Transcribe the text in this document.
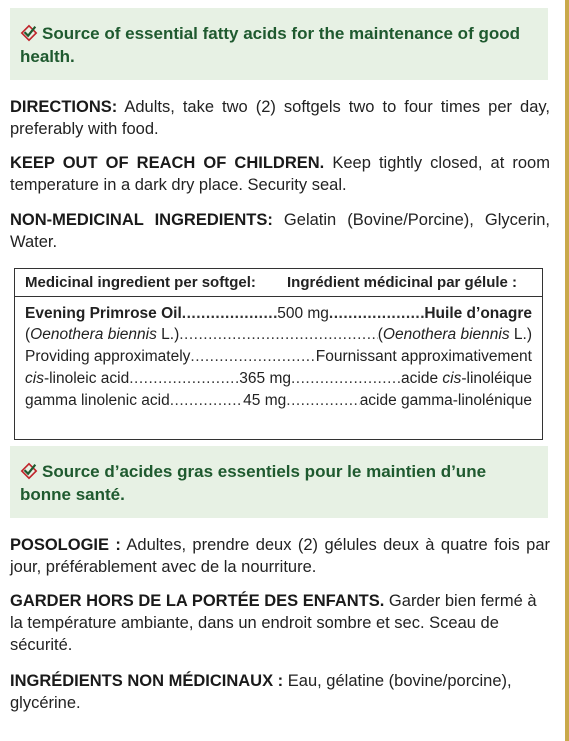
Source of essential fatty acids for the maintenance of good health.
DIRECTIONS: Adults, take two (2) softgels two to four times per day, preferably with food.
KEEP OUT OF REACH OF CHILDREN. Keep tightly closed, at room temperature in a dark dry place. Security seal.
NON-MEDICINAL INGREDIENTS: Gelatin (Bovine/Porcine), Glycerin, Water.
Medicinal ingredient per softgel: Ingrédient médicinal par gélule :
Evening Primrose Oil .....	500 mg .....	Huile d’onagre
(Oenothera biennis L.) .....	(Oenothera biennis L.)
Providing approximately .....	Fournissant approximativement
cis-linoleic acid .....	365 mg .....	acide cis-linoléique
gamma linolenic acid .....	45 mg .....	acide gamma-linolénique
Source d’acides gras essentiels pour le maintien d’une bonne santé.
POSOLOGIE : Adultes, prendre deux (2) gélules deux à quatre fois par jour, préférablement avec de la nourriture.
GARDER HORS DE LA PORTÉE DES ENFANTS. Garder bien fermé à la température ambiante, dans un endroit sombre et sec. Sceau de sécurité.
INGRÉDIENTS NON MÉDICINAUX : Eau, gélatine (bovine/porcine), glycérine.
